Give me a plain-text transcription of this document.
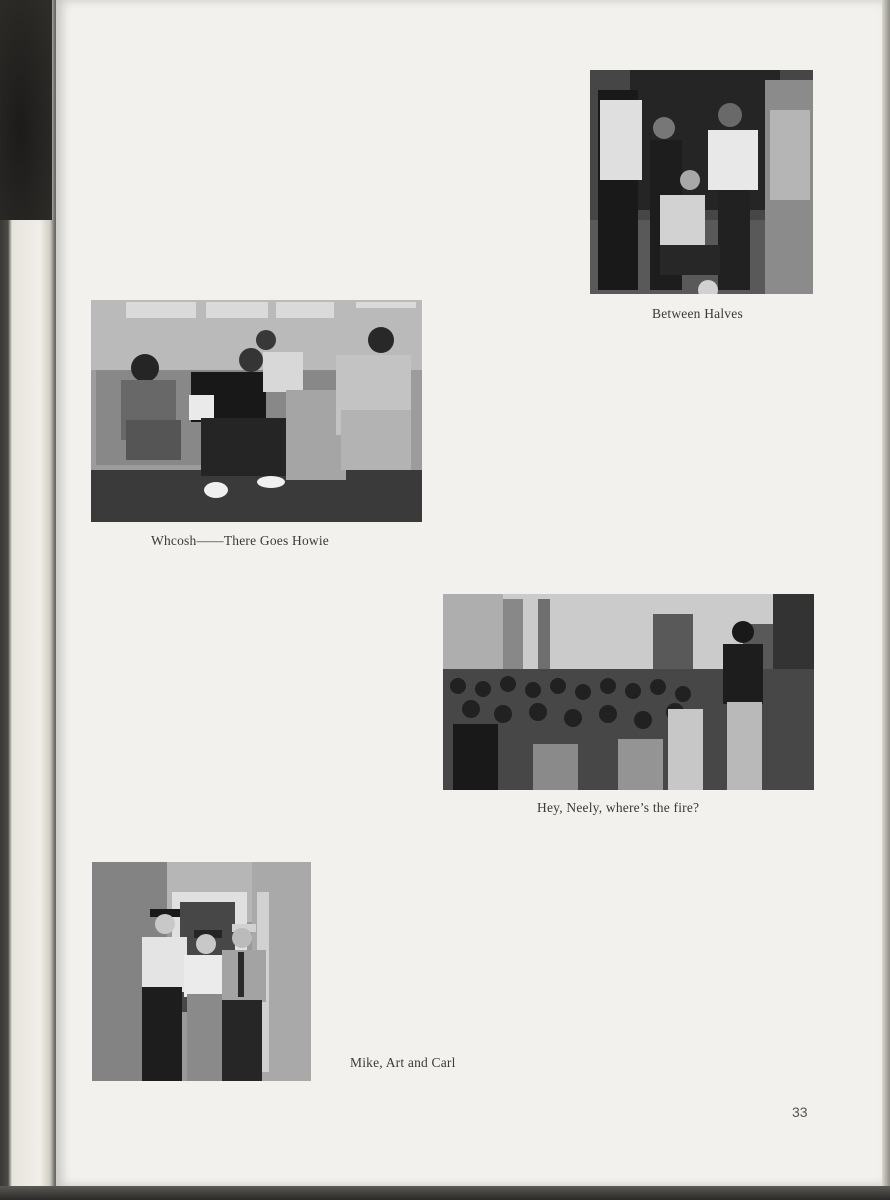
Between Halves
Whcosh——There Goes Howie
Hey, Neely, where’s the fire?
Mike, Art and Carl
33
